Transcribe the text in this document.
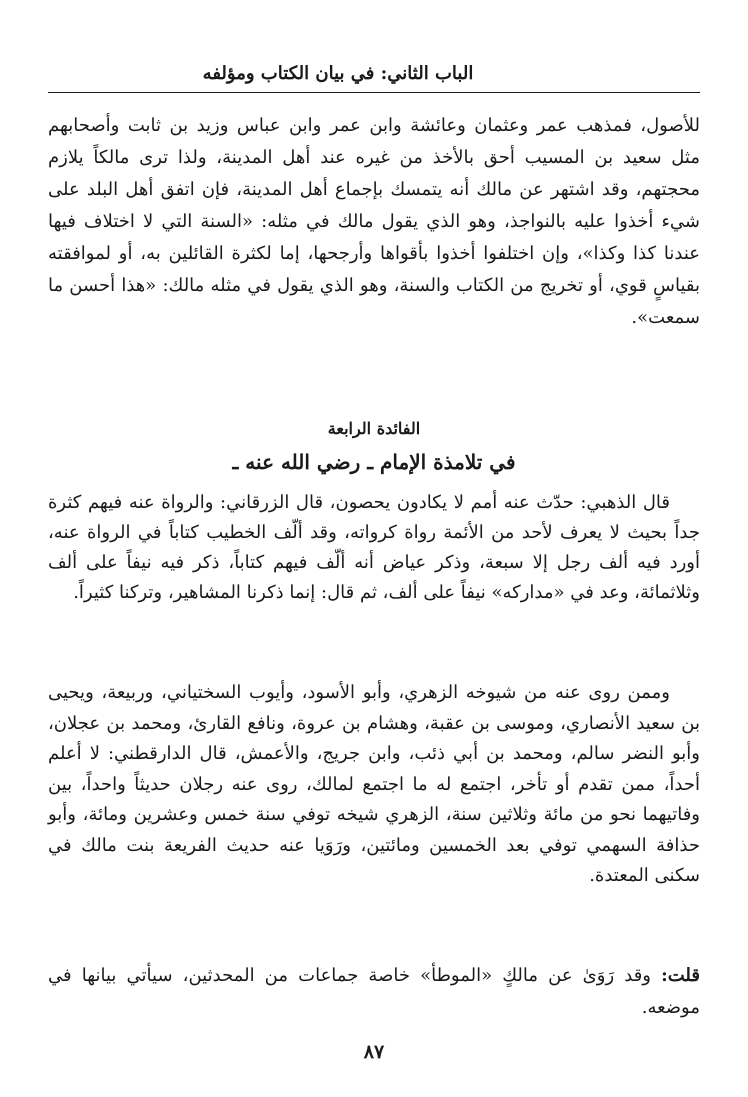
الباب الثاني: في بيان الكتاب ومؤلفه

للأصول، فمذهب عمر وعثمان وعائشة وابن عمر وابن عباس وزيد بن ثابت وأصحابهم مثل سعيد بن المسيب أحق بالأخذ من غيره عند أهل المدينة، ولذا ترى مالكاً يلازم محجتهم، وقد اشتهر عن مالك أنه يتمسك بإجماع أهل المدينة، فإن اتفق أهل البلد على شيء أخذوا عليه بالنواجذ، وهو الذي يقول مالك في مثله: «السنة التي لا اختلاف فيها عندنا كذا وكذا»، وإن اختلفوا أخذوا بأقواها وأرجحها، إما لكثرة القائلين به، أو لموافقته بقياسٍ قوي، أو تخريج من الكتاب والسنة، وهو الذي يقول في مثله مالك: «هذا أحسن ما سمعت».

الفائدة الرابعة
في تلامذة الإمام ـ رضي الله عنه ـ
قال الذهبي: حدّث عنه أمم لا يكادون يحصون، قال الزرقاني: والرواة عنه فيهم كثرة جداً بحيث لا يعرف لأحد من الأئمة رواة كرواته، وقد ألّف الخطيب كتاباً في الرواة عنه، أورد فيه ألف رجل إلا سبعة، وذكر عياض أنه ألّف فيهم كتاباً، ذكر فيه نيفاً على ألف وثلاثمائة، وعد في «مداركه» نيفاً على ألف، ثم قال: إنما ذكرنا المشاهير، وتركنا كثيراً.
وممن روى عنه من شيوخه الزهري، وأبو الأسود، وأيوب السختياني، وربيعة، ويحيى بن سعيد الأنصاري، وموسى بن عقبة، وهشام بن عروة، ونافع القارئ، ومحمد بن عجلان، وأبو النضر سالم، ومحمد بن أبي ذئب، وابن جريج، والأعمش، قال الدارقطني: لا أعلم أحداً، ممن تقدم أو تأخر، اجتمع له ما اجتمع لمالك، روى عنه رجلان حديثاً واحداً، بين وفاتيهما نحو من مائة وثلاثين سنة، الزهري شيخه توفي سنة خمس وعشرين ومائة، وأبو حذافة السهمي توفي بعد الخمسين ومائتين، ورَوَيا عنه حديث الفريعة بنت مالك في سكنى المعتدة.
قلت: وقد رَوَىٰ عن مالكٍ «الموطأ» خاصة جماعات من المحدثين، سيأتي بيانها في موضعه.
٨٧
